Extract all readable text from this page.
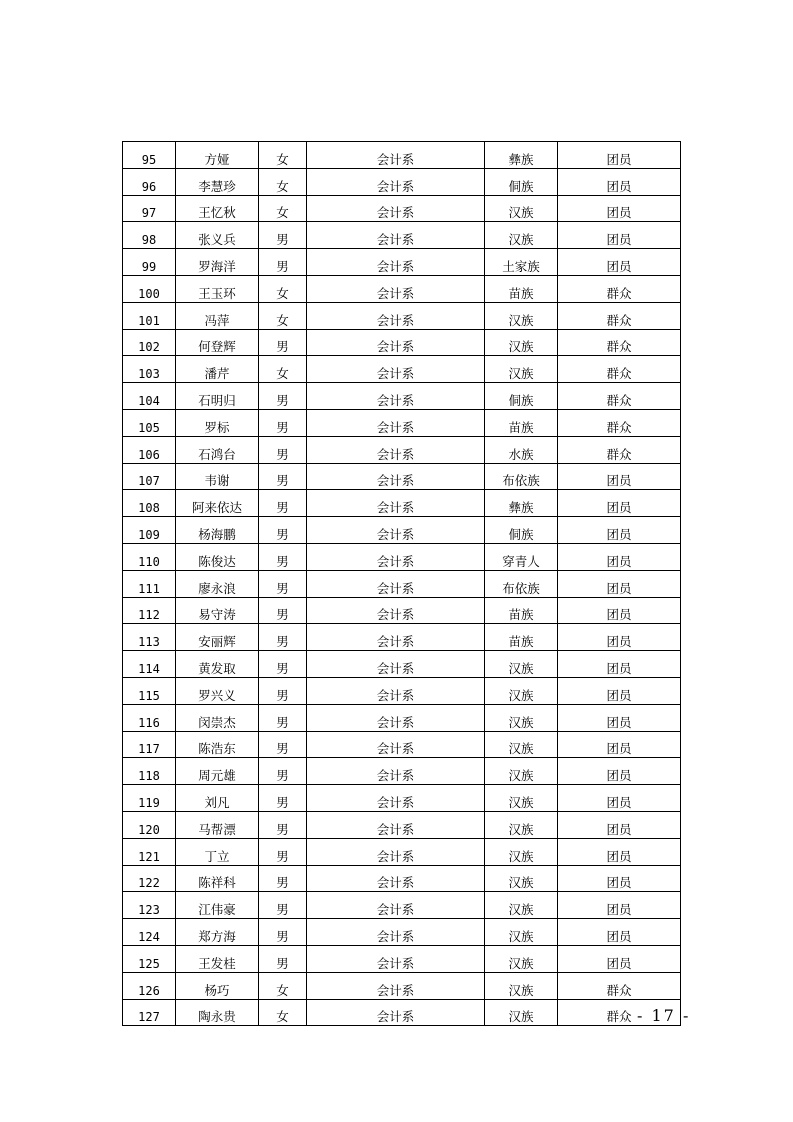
95	方娅	女	会计系	彝族	团员
96	李慧珍	女	会计系	侗族	团员
97	王忆秋	女	会计系	汉族	团员
98	张义兵	男	会计系	汉族	团员
99	罗海洋	男	会计系	土家族	团员
100	王玉环	女	会计系	苗族	群众
101	冯萍	女	会计系	汉族	群众
102	何登辉	男	会计系	汉族	群众
103	潘芹	女	会计系	汉族	群众
104	石明归	男	会计系	侗族	群众
105	罗标	男	会计系	苗族	群众
106	石鸿台	男	会计系	水族	群众
107	韦谢	男	会计系	布依族	团员
108	阿来依达	男	会计系	彝族	团员
109	杨海鹏	男	会计系	侗族	团员
110	陈俊达	男	会计系	穿青人	团员
111	廖永浪	男	会计系	布依族	团员
112	易守涛	男	会计系	苗族	团员
113	安丽辉	男	会计系	苗族	团员
114	黄发取	男	会计系	汉族	团员
115	罗兴义	男	会计系	汉族	团员
116	闵崇杰	男	会计系	汉族	团员
117	陈浩东	男	会计系	汉族	团员
118	周元雄	男	会计系	汉族	团员
119	刘凡	男	会计系	汉族	团员
120	马帮漂	男	会计系	汉族	团员
121	丁立	男	会计系	汉族	团员
122	陈祥科	男	会计系	汉族	团员
123	江伟豪	男	会计系	汉族	团员
124	郑方海	男	会计系	汉族	团员
125	王发桂	男	会计系	汉族	团员
126	杨巧	女	会计系	汉族	群众
127	陶永贵	女	会计系	汉族	群众 - 17 -
